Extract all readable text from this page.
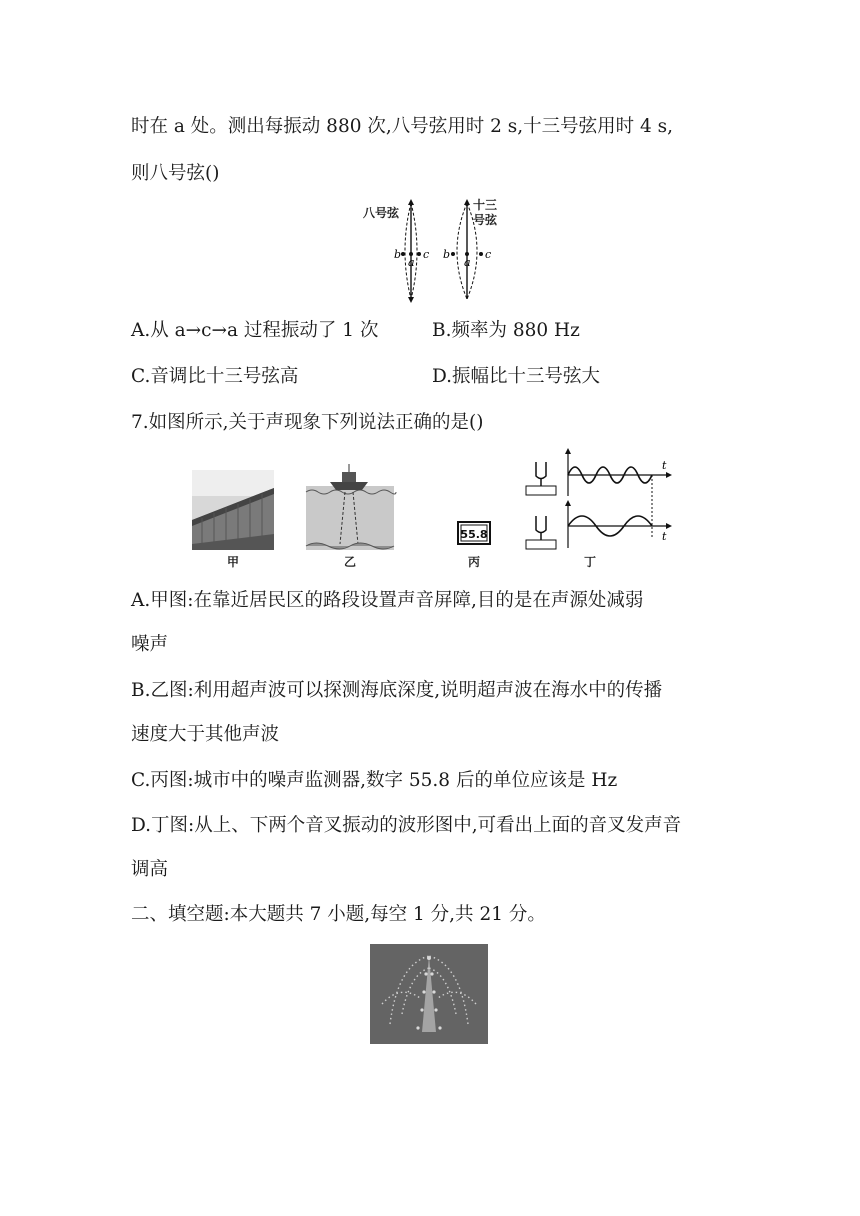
时在 a 处。测出每振动 880 次,八号弦用时 2 s,十三号弦用时 4 s,
则八号弦()
八号弦
十三
号弦
b
a
c b
a
c
A.从 a→c→a 过程振动了 1 次	B.频率为 880 Hz
C.音调比十三号弦高	D.振幅比十三号弦大
7.如图所示,关于声现象下列说法正确的是()
55.8
t
t
甲	乙	丙	丁
A.甲图:在靠近居民区的路段设置声音屏障,目的是在声源处减弱
噪声
B.乙图:利用超声波可以探测海底深度,说明超声波在海水中的传播
速度大于其他声波
C.丙图:城市中的噪声监测器,数字 55.8 后的单位应该是 Hz
D.丁图:从上、下两个音叉振动的波形图中,可看出上面的音叉发声音
调高
二、填空题:本大题共 7 小题,每空 1 分,共 21 分。
